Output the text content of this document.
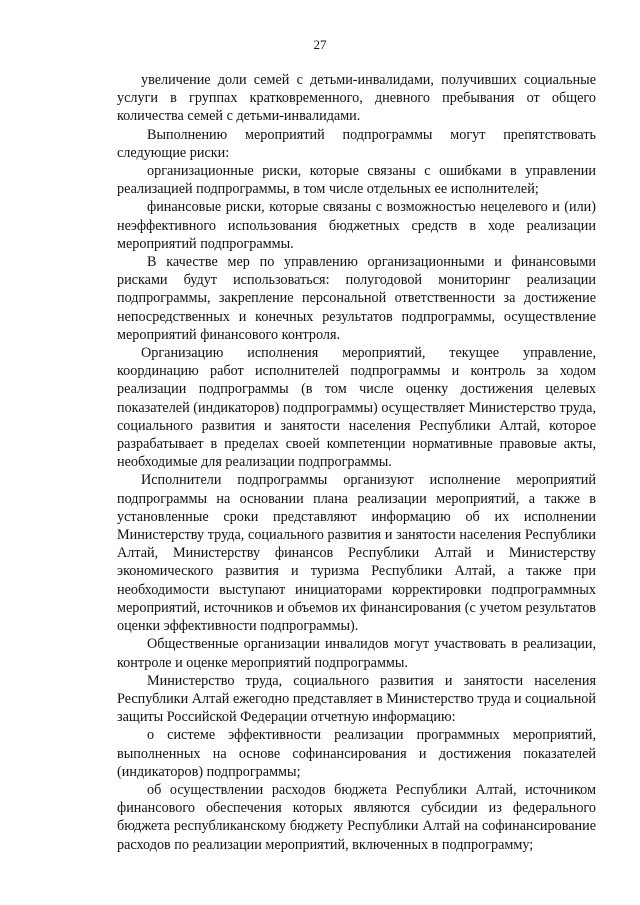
27

увеличение доли семей с детьми-инвалидами, получивших социальные услуги в группах кратковременного, дневного пребывания от общего количества семей с детьми-инвалидами.

Выполнению мероприятий подпрограммы могут препятствовать следующие риски:

организационные риски, которые связаны с ошибками в управлении реализацией подпрограммы, в том числе отдельных ее исполнителей;

финансовые риски, которые связаны с возможностью нецелевого и (или) неэффективного использования бюджетных средств в ходе реализации мероприятий подпрограммы.

В качестве мер по управлению организационными и финансовыми рисками будут использоваться: полугодовой мониторинг реализации подпрограммы, закрепление персональной ответственности за достижение непосредственных и конечных результатов подпрограммы, осуществление мероприятий финансового контроля.

Организацию исполнения мероприятий, текущее управление, координацию работ исполнителей подпрограммы и контроль за ходом реализации подпрограммы (в том числе оценку достижения целевых показателей (индикаторов) подпрограммы) осуществляет Министерство труда, социального развития и занятости населения Республики Алтай, которое разрабатывает в пределах своей компетенции нормативные правовые акты, необходимые для реализации подпрограммы.

Исполнители подпрограммы организуют исполнение мероприятий подпрограммы на основании плана реализации мероприятий, а также в установленные сроки представляют информацию об их исполнении Министерству труда, социального развития и занятости населения Республики Алтай, Министерству финансов Республики Алтай и Министерству экономического развития и туризма Республики Алтай, а также при необходимости выступают инициаторами корректировки подпрограммных мероприятий, источников и объемов их финансирования (с учетом результатов оценки эффективности подпрограммы).

Общественные организации инвалидов могут участвовать в реализации, контроле и оценке мероприятий подпрограммы.

Министерство труда, социального развития и занятости населения Республики Алтай ежегодно представляет в Министерство труда и социальной защиты Российской Федерации отчетную информацию:

о системе эффективности реализации программных мероприятий, выполненных на основе софинансирования и достижения показателей (индикаторов) подпрограммы;

об осуществлении расходов бюджета Республики Алтай, источником финансового обеспечения которых являются субсидии из федерального бюджета республиканскому бюджету Республики Алтай на софинансирование расходов по реализации мероприятий, включенных в подпрограмму;
